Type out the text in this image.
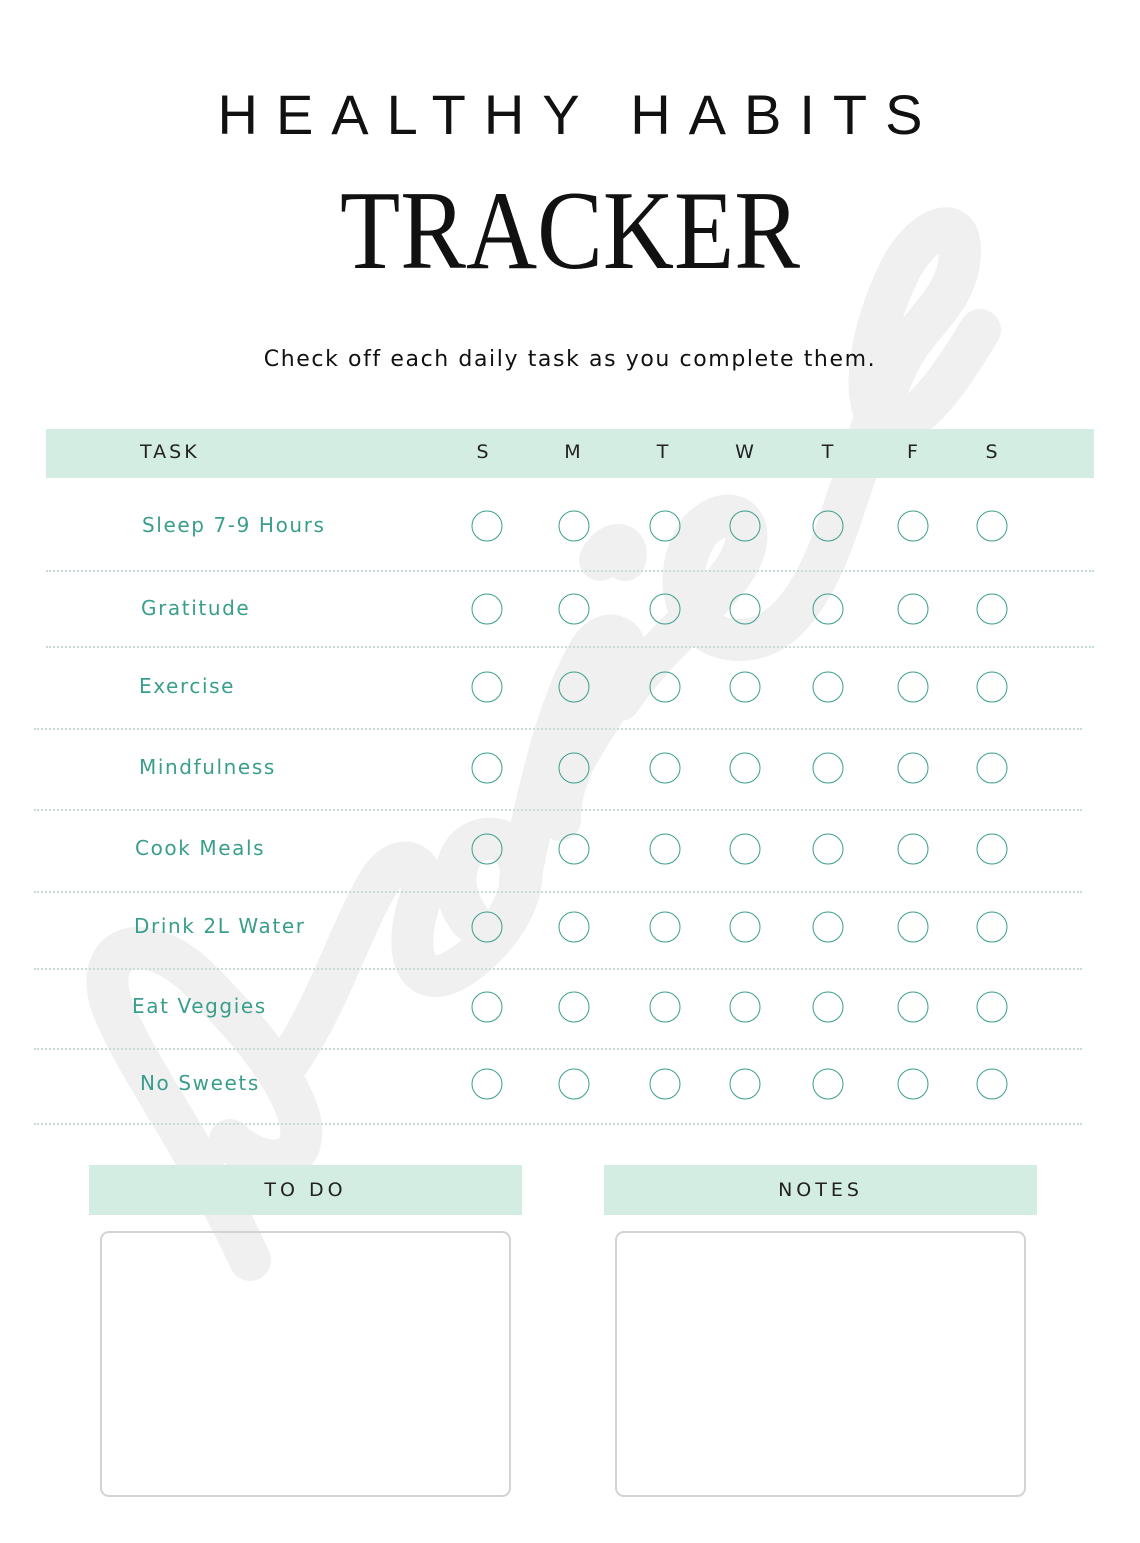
HEALTHY HABITS
TRACKER
Check off each daily task as you complete them.
TASK	S	M	T	W	T	F	S
Sleep 7-9 Hours
Gratitude
Exercise
Mindfulness
Cook Meals
Drink 2L Water
Eat Veggies
No Sweets
TO DO	NOTES
